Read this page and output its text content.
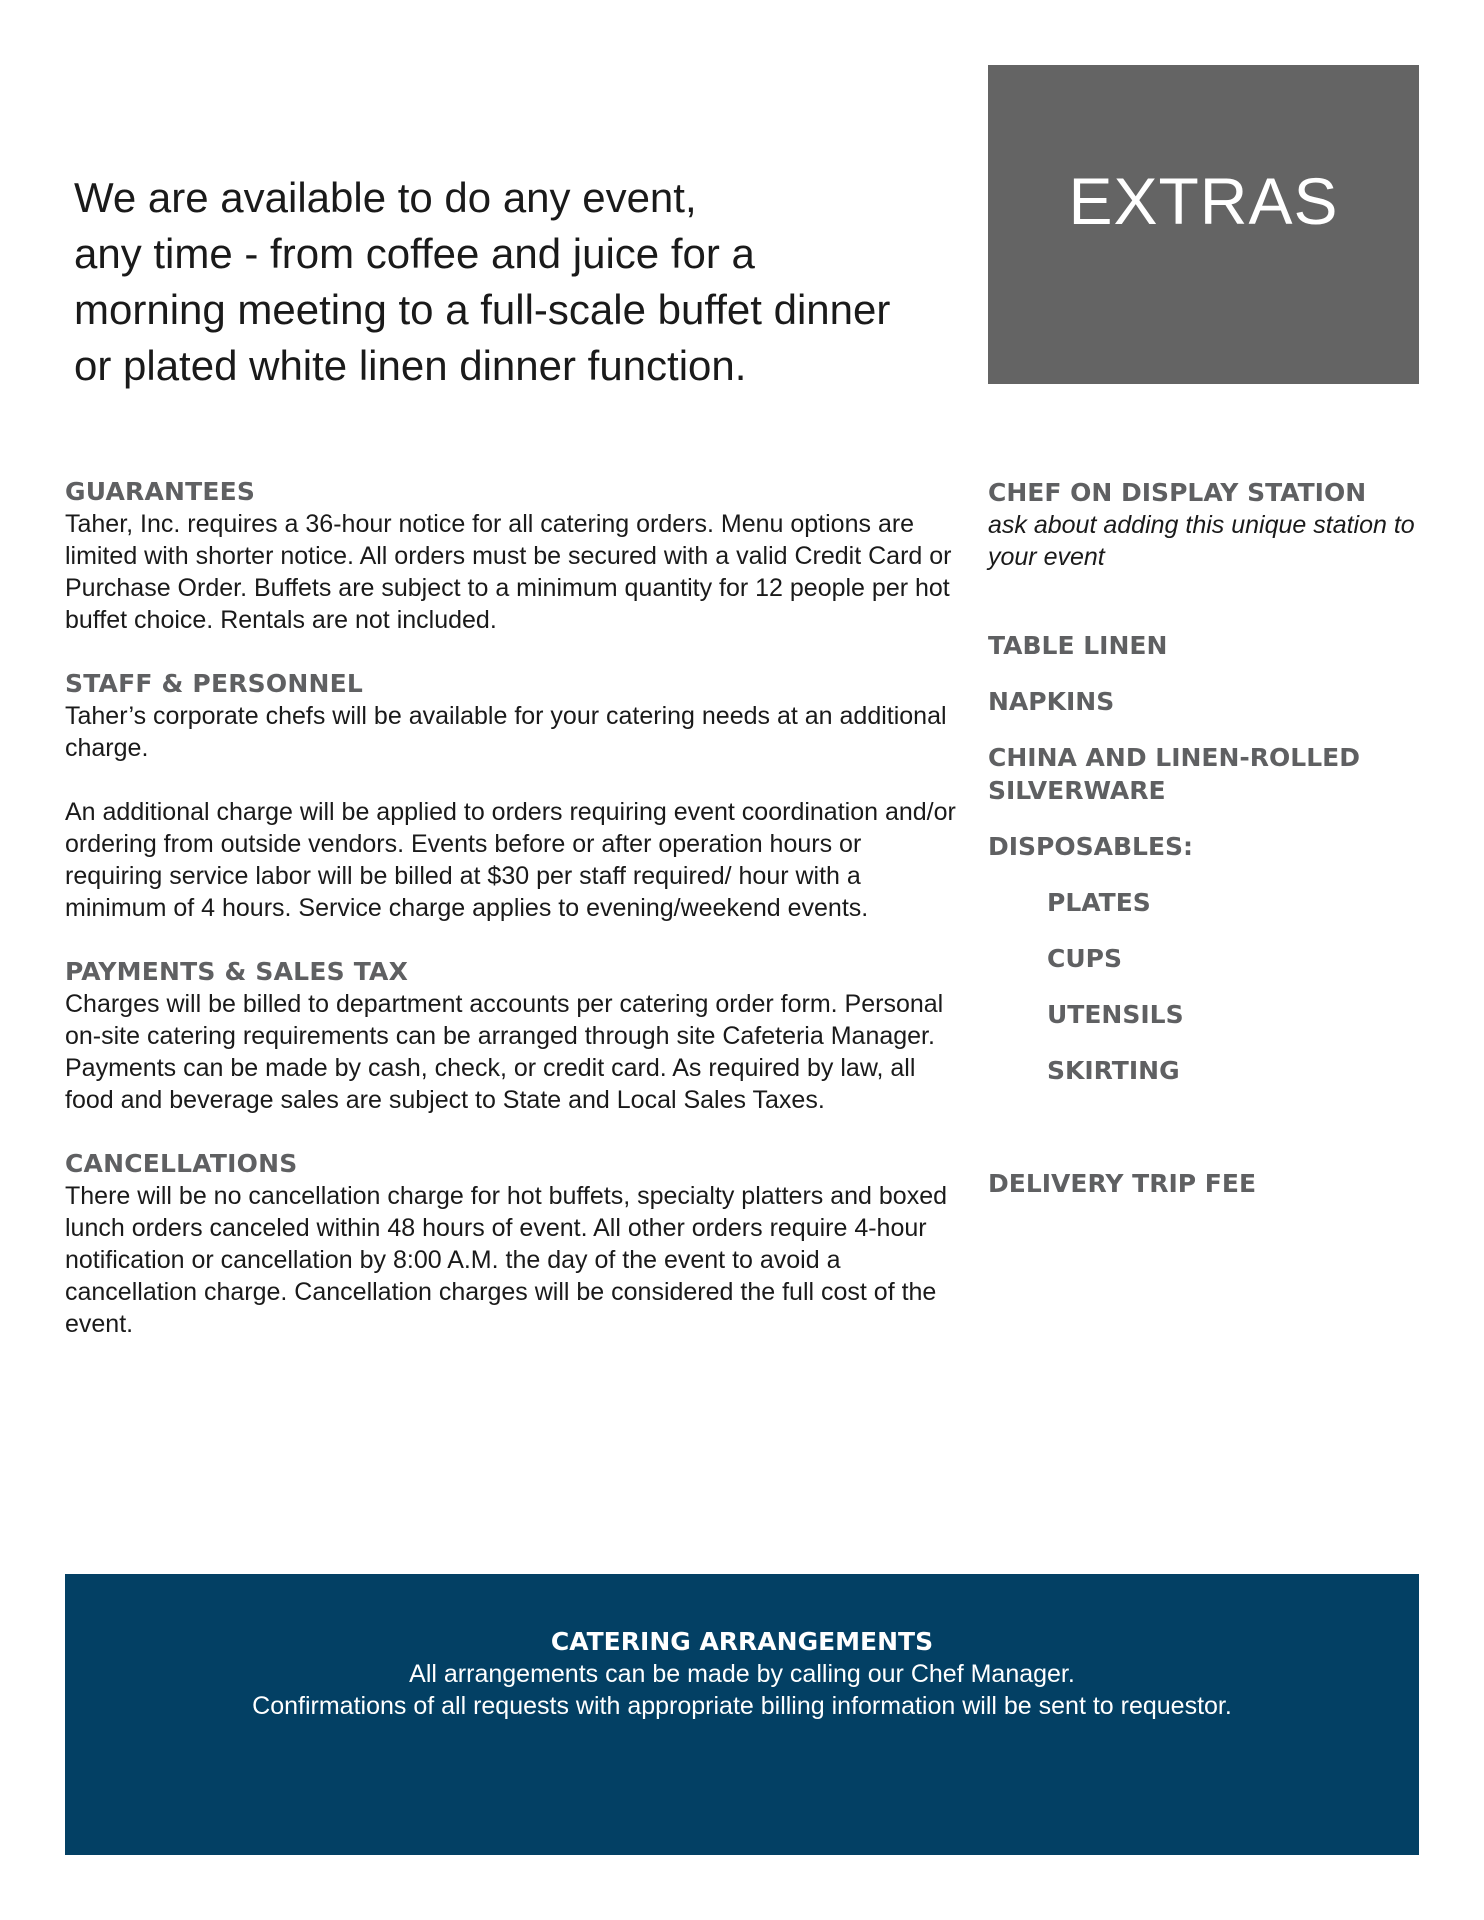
We are available to do any event,
any time - from coffee and juice for a
morning meeting to a full-scale buffet dinner
or plated white linen dinner function.
EXTRAS
GUARANTEES

Taher, Inc. requires a 36-hour notice for all catering orders. Menu options are limited with shorter notice. All orders must be secured with a valid Credit Card or Purchase Order. Buffets are subject to a minimum quantity for 12 people per hot buffet choice. Rentals are not included.

STAFF & PERSONNEL

Taher’s corporate chefs will be available for your catering needs at an additional charge.

An additional charge will be applied to orders requiring event coordination and/or ordering from outside vendors. Events before or after operation hours or requiring service labor will be billed at $30 per staff required/ hour with a minimum of 4 hours. Service charge applies to evening/weekend events.

PAYMENTS & SALES TAX

Charges will be billed to department accounts per catering order form. Personal on-site catering requirements can be arranged through site Cafeteria Manager. Payments can be made by cash, check, or credit card. As required by law, all food and beverage sales are subject to State and Local Sales Taxes.

CANCELLATIONS

There will be no cancellation charge for hot buffets, specialty platters and boxed lunch orders canceled within 48 hours of event. All other orders require 4-hour notification or cancellation by 8:00 A.M. the day of the event to avoid a cancellation charge. Cancellation charges will be considered the full cost of the event.

CHEF ON DISPLAY STATION
ask about adding this unique station to your event
TABLE LINEN
NAPKINS
CHINA AND LINEN-ROLLED SILVERWARE
DISPOSABLES:
PLATES
CUPS
UTENSILS
SKIRTING
DELIVERY TRIP FEE
CATERING ARRANGEMENTS
All arrangements can be made by calling our Chef Manager.
Confirmations of all requests with appropriate billing information will be sent to requestor.
